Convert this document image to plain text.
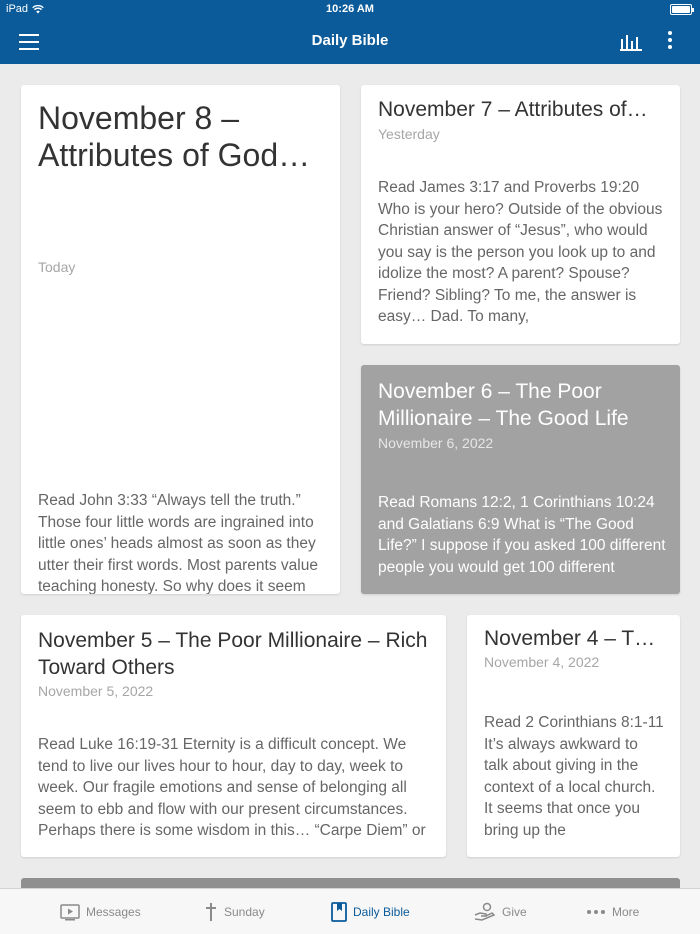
iPad	10:26 AM
Daily Bible
November 8 – Attributes of God…
Today
Read John 3:33 “Always tell the truth.” Those four little words are ingrained into little ones’ heads almost as soon as they utter their first words. Most parents value teaching honesty. So why does it seem
November 7 – Attributes of…
Yesterday
Read James 3:17 and Proverbs 19:20 Who is your hero? Outside of the obvious Christian answer of “Jesus”, who would you say is the person you look up to and idolize the most? A parent? Spouse? Friend? Sibling? To me, the answer is easy… Dad. To many,
November 6 – The Poor Millionaire – The Good Life
November 6, 2022
Read Romans 12:2, 1 Corinthians 10:24 and Galatians 6:9 What is “The Good Life?” I suppose if you asked 100 different people you would get 100 different
November 5 – The Poor Millionaire – Rich Toward Others
November 5, 2022
Read Luke 16:19-31 Eternity is a difficult concept. We tend to live our lives hour to hour, day to day, week to week. Our fragile emotions and sense of belonging all seem to ebb and flow with our present circumstances. Perhaps there is some wisdom in this… “Carpe Diem” or
November 4 – T…
November 4, 2022
Read 2 Corinthians 8:1-11 It’s always awkward to talk about giving in the context of a local church. It seems that once you bring up the
Messages	Sunday	Daily Bible	Give	More
